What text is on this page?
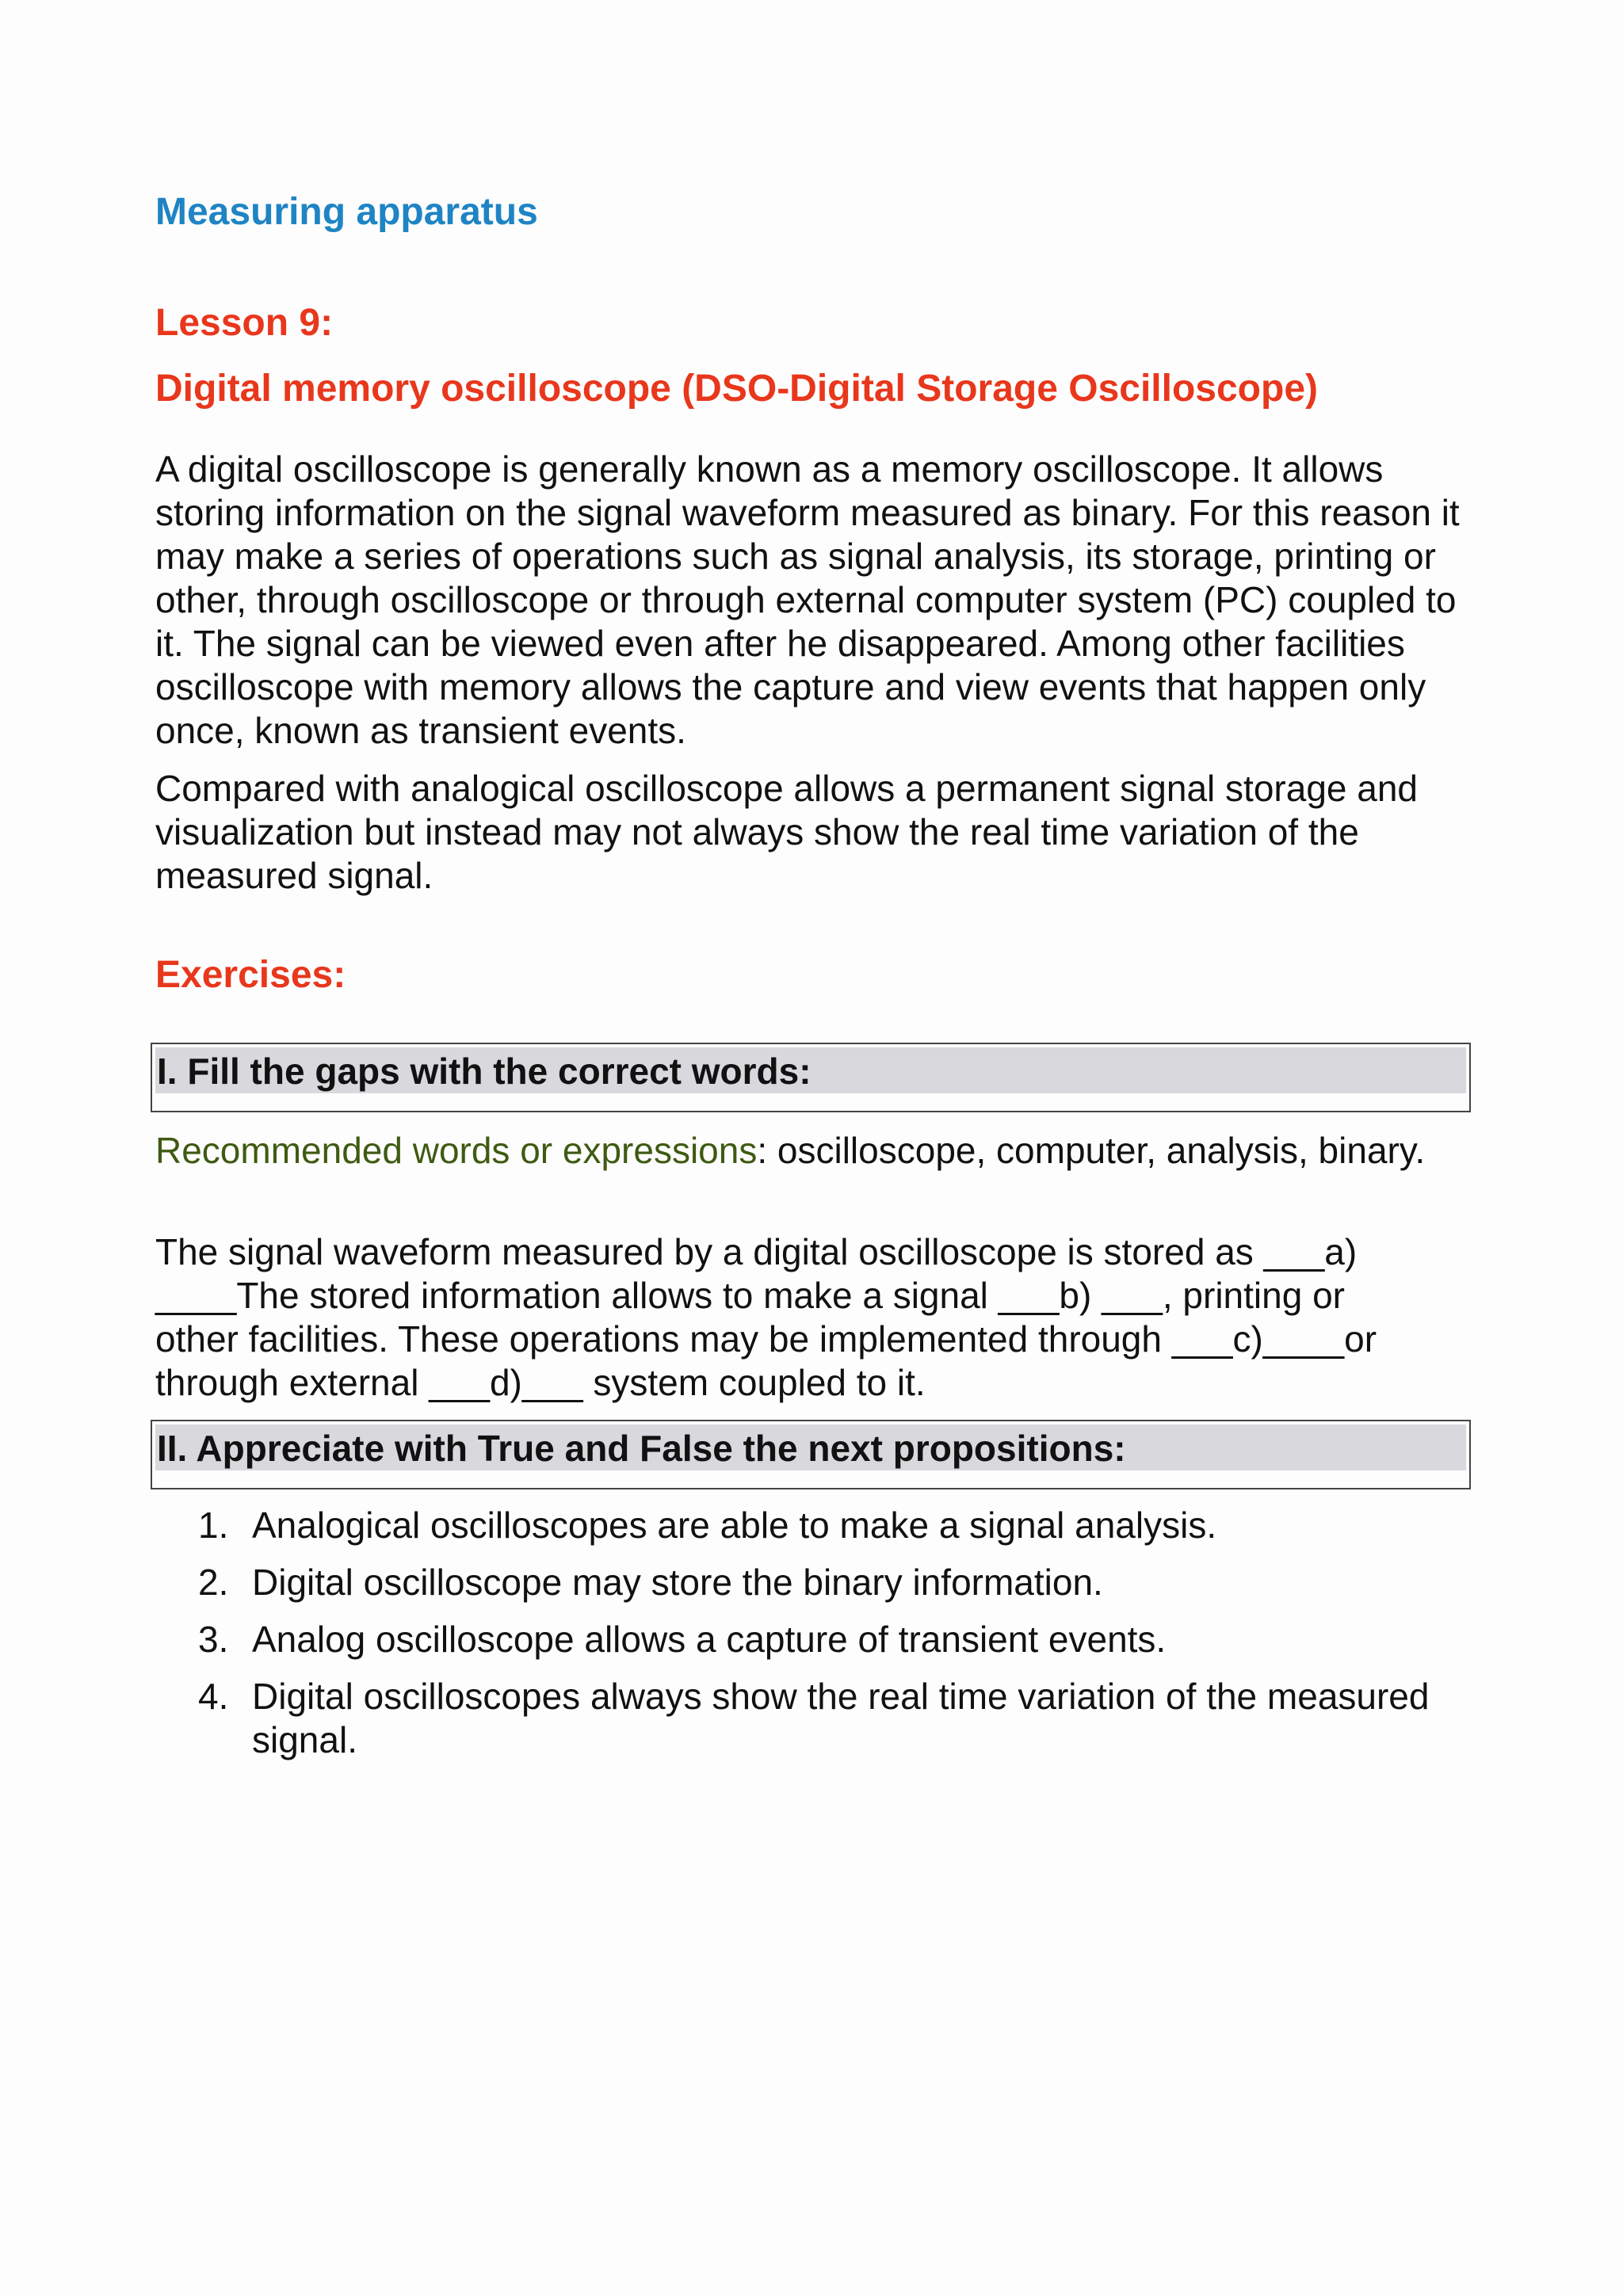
Measuring apparatus
Lesson 9:
Digital memory oscilloscope (DSO-Digital Storage Oscilloscope)

A digital oscilloscope is generally known as a memory oscilloscope. It allows storing information on the signal waveform measured as binary. For this reason it may make a series of operations such as signal analysis, its storage, printing or other, through oscilloscope or through external computer system (PC) coupled to it. The signal can be viewed even after he disappeared. Among other facilities oscilloscope with memory allows the capture and view events that happen only once, known as transient events.

Compared with analogical oscilloscope allows a permanent signal storage and visualization but instead may not always show the real time variation of the measured signal.

Exercises:
I. Fill the gaps with the correct words:

Recommended words or expressions: oscilloscope, computer, analysis, binary.

The signal waveform measured by a digital oscilloscope is stored as ___a)
____The stored information allows to make a signal ___b) ___, printing or
other facilities. These operations may be implemented through ___c)____or
through external ___d)___ system coupled to it.

II. Appreciate with True and False the next propositions:
1. Analogical oscilloscopes are able to make a signal analysis.
2. Digital oscilloscope may store the binary information.
3. Analog oscilloscope allows a capture of transient events.
4. Digital oscilloscopes always show the real time variation of the measured signal.
